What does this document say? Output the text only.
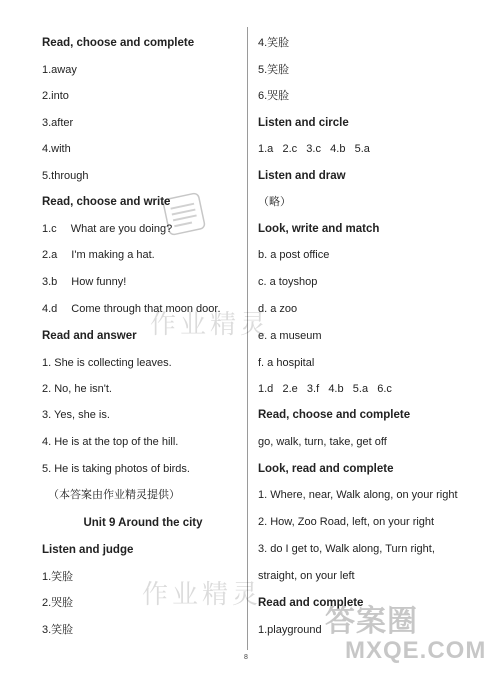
Read, choose and complete
1.away
2.into
3.after
4.with
5.through
Read, choose and write
1.c What are you doing?
2.a I'm making a hat.
3.b How funny!
4.d Come through that moon door.
Read and answer
1. She is collecting leaves.
2. No, he isn't.
3. Yes, she is.
4. He is at the top of the hill.
5. He is taking photos of birds.
（本答案由作业精灵提供）
Unit 9 Around the city
Listen and judge
1.笑脸
2.哭脸
3.笑脸
4.笑脸
5.笑脸
6.哭脸
Listen and circle
1.a   2.c   3.c   4.b   5.a
Listen and draw
（略）
Look, write and match
b. a post office
c. a toyshop
d. a zoo
e. a museum
f. a hospital
1.d   2.e   3.f   4.b   5.a   6.c
Read, choose and complete
go, walk, turn, take, get off
Look, read and complete
1. Where, near, Walk along, on your right
2. How, Zoo Road, left, on your right
3. do I get to, Walk along, Turn right,
straight, on your left
Read and complete
1.playground
8
作业精灵
作业精灵
答案圈
MXQE.COM
